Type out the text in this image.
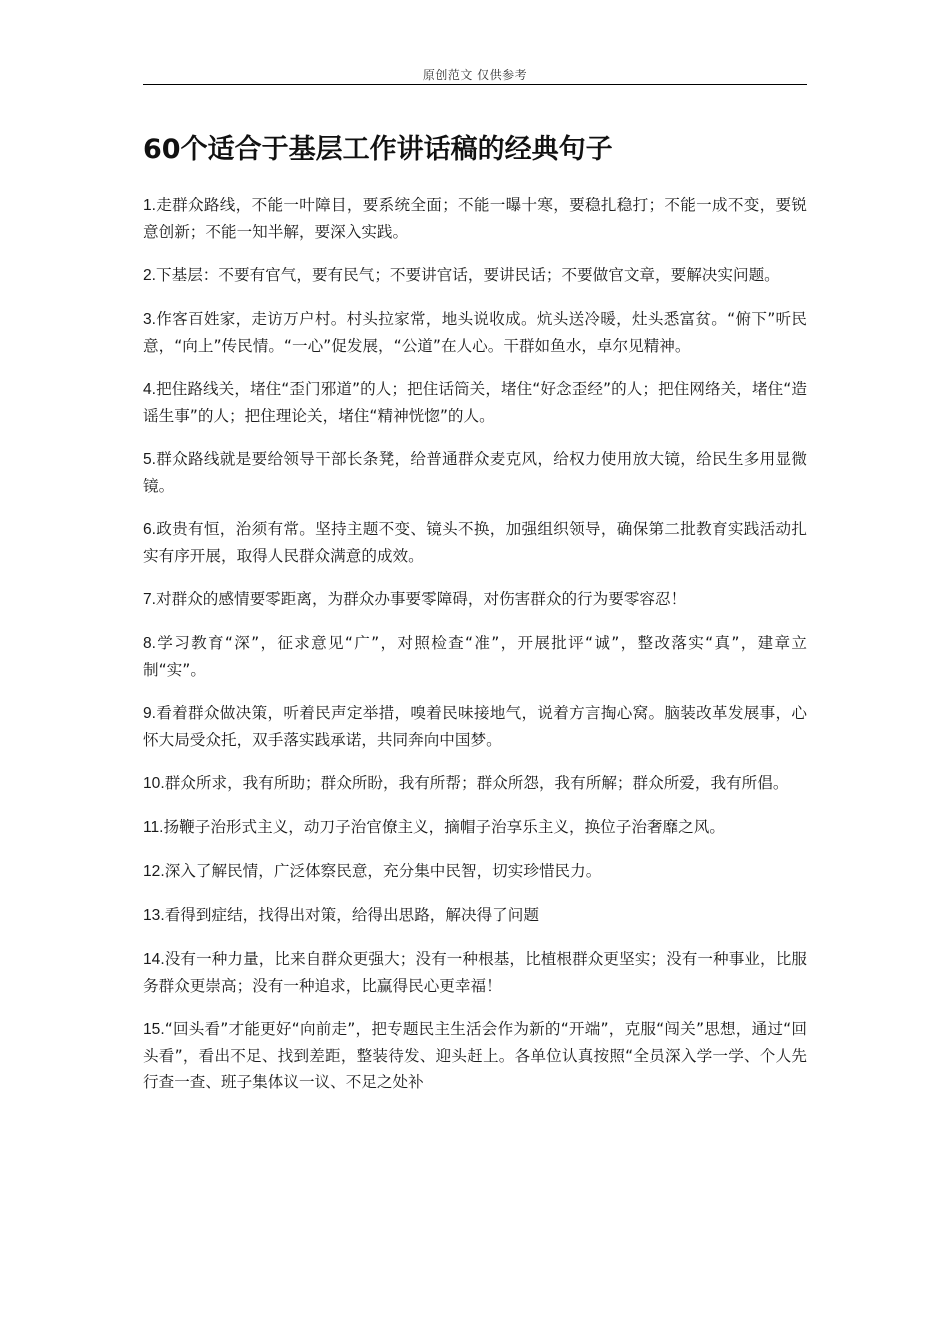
原创范文 仅供参考
60个适合于基层工作讲话稿的经典句子

1.走群众路线，不能一叶障目，要系统全面；不能一曝十寒，要稳扎稳打；不能一成不变，要锐意创新；不能一知半解，要深入实践。

2.下基层：不要有官气，要有民气；不要讲官话，要讲民话；不要做官文章，要解决实问题。

3.作客百姓家，走访万户村。村头拉家常，地头说收成。炕头送冷暖，灶头悉富贫。“俯下”听民意，“向上”传民情。“一心”促发展，“公道”在人心。干群如鱼水，卓尔见精神。

4.把住路线关，堵住“歪门邪道”的人；把住话筒关，堵住“好念歪经”的人；把住网络关，堵住“造谣生事”的人；把住理论关，堵住“精神恍惚”的人。

5.群众路线就是要给领导干部长条凳，给普通群众麦克风，给权力使用放大镜，给民生多用显微镜。

6.政贵有恒，治须有常。坚持主题不变、镜头不换，加强组织领导，确保第二批教育实践活动扎实有序开展，取得人民群众满意的成效。

7.对群众的感情要零距离，为群众办事要零障碍，对伤害群众的行为要零容忍！

8.学习教育“深”，征求意见“广”，对照检查“准”，开展批评“诚”，整改落实“真”，建章立制“实”。

9.看着群众做决策，听着民声定举措，嗅着民味接地气，说着方言掏心窝。脑装改革发展事，心怀大局受众托，双手落实践承诺，共同奔向中国梦。

10.群众所求，我有所助；群众所盼，我有所帮；群众所怨，我有所解；群众所爱，我有所倡。

11.扬鞭子治形式主义，动刀子治官僚主义，摘帽子治享乐主义，换位子治奢靡之风。

12.深入了解民情，广泛体察民意，充分集中民智，切实珍惜民力。

13.看得到症结，找得出对策，给得出思路，解决得了问题

14.没有一种力量，比来自群众更强大；没有一种根基，比植根群众更坚实；没有一种事业，比服务群众更崇高；没有一种追求，比赢得民心更幸福！

15.“回头看”才能更好“向前走”，把专题民主生活会作为新的“开端”，克服“闯关”思想，通过“回头看”，看出不足、找到差距，整装待发、迎头赶上。各单位认真按照“全员深入学一学、个人先行查一查、班子集体议一议、不足之处补
